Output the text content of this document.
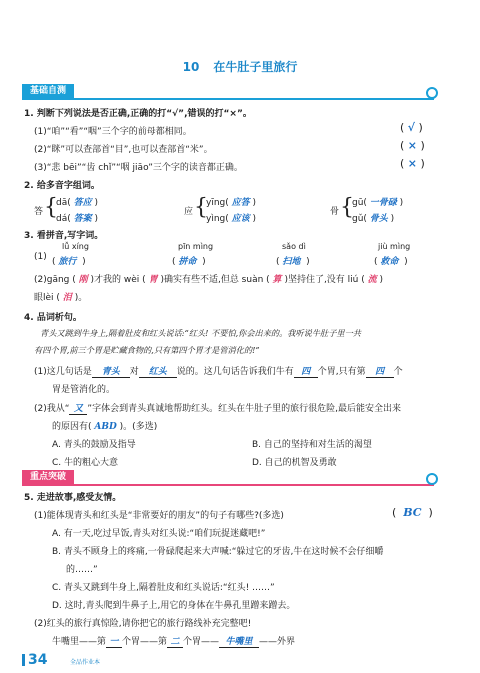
10 在牛肚子里旅行
基础自测
1. 判断下列说法是否正确,正确的打“√”,错误的打“×”。
(1)“咱”“看”“咽”三个字的前母都相同。	( √ )
(2)“眯”可以查部首“目”,也可以查部首“米”。	( × )
(3)“悲 bēi”“齿 chǐ”“咽 jiāo”三个字的读音都正确。	( × )
2. 给多音字组词。
答 {
dā( 答应 )
dá( 答案 )
应 {
yīng( 应答 )
yìng( 应该 )
骨 {
gū( 一骨碌 )
gǔ( 骨头 )
3. 看拼音,写字词。
(1)
lǚ xíng
( 旅行  )
pīn mìng
( 拼命  )
sǎo dì
( 扫地  )
jiù mìng
( 救命  )
(2)gāng ( 刚 )才我的 wèi ( 胃 )确实有些不适,但总 suàn ( 算 )坚持住了,没有 liú ( 流 )
眼lèi ( 泪 )。
4. 品词析句。
青头又跳到牛身上,隔着肚皮和红头说话:“红头! 不要怕,你会出来的。我听说牛肚子里一共
有四个胃,前三个胃是贮藏食物的,只有第四个胃才是管消化的!”
(1)这几句话是 青头 对 红头 说的。这几句话告诉我们牛有 四 个胃,只有第 四 个
胃是管消化的。
(2)我从“ 又 ”字体会到青头真诚地帮助红头。红头在牛肚子里的旅行很危险,最后能安全出来
的原因有( ABD )。(多选)
A. 青头的鼓励及指导	B. 自己的坚持和对生活的渴望
C. 牛的粗心大意	D. 自己的机智及勇敢
重点突破
5. 走进故事,感受友情。
(1)能体现青头和红头是“非常要好的朋友”的句子有哪些?(多选)	(  BC  )
A. 有一天,吃过早饭,青头对红头说:“咱们玩捉迷藏吧!”
B. 青头不顾身上的疼痛,一骨碌爬起来大声喊:“躲过它的牙齿,牛在这时候不会仔细嚼
的……”
C. 青头又跳到牛身上,隔着肚皮和红头说话:“红头! ……”
D. 这时,青头爬到牛鼻子上,用它的身体在牛鼻孔里蹭来蹭去。
(2)红头的旅行真惊险,请你把它的旅行路线补充完整吧!
牛嘴里——第 一 个胃——第 二 个胃—— 牛嘴里 ——外界
34	全品作业本
